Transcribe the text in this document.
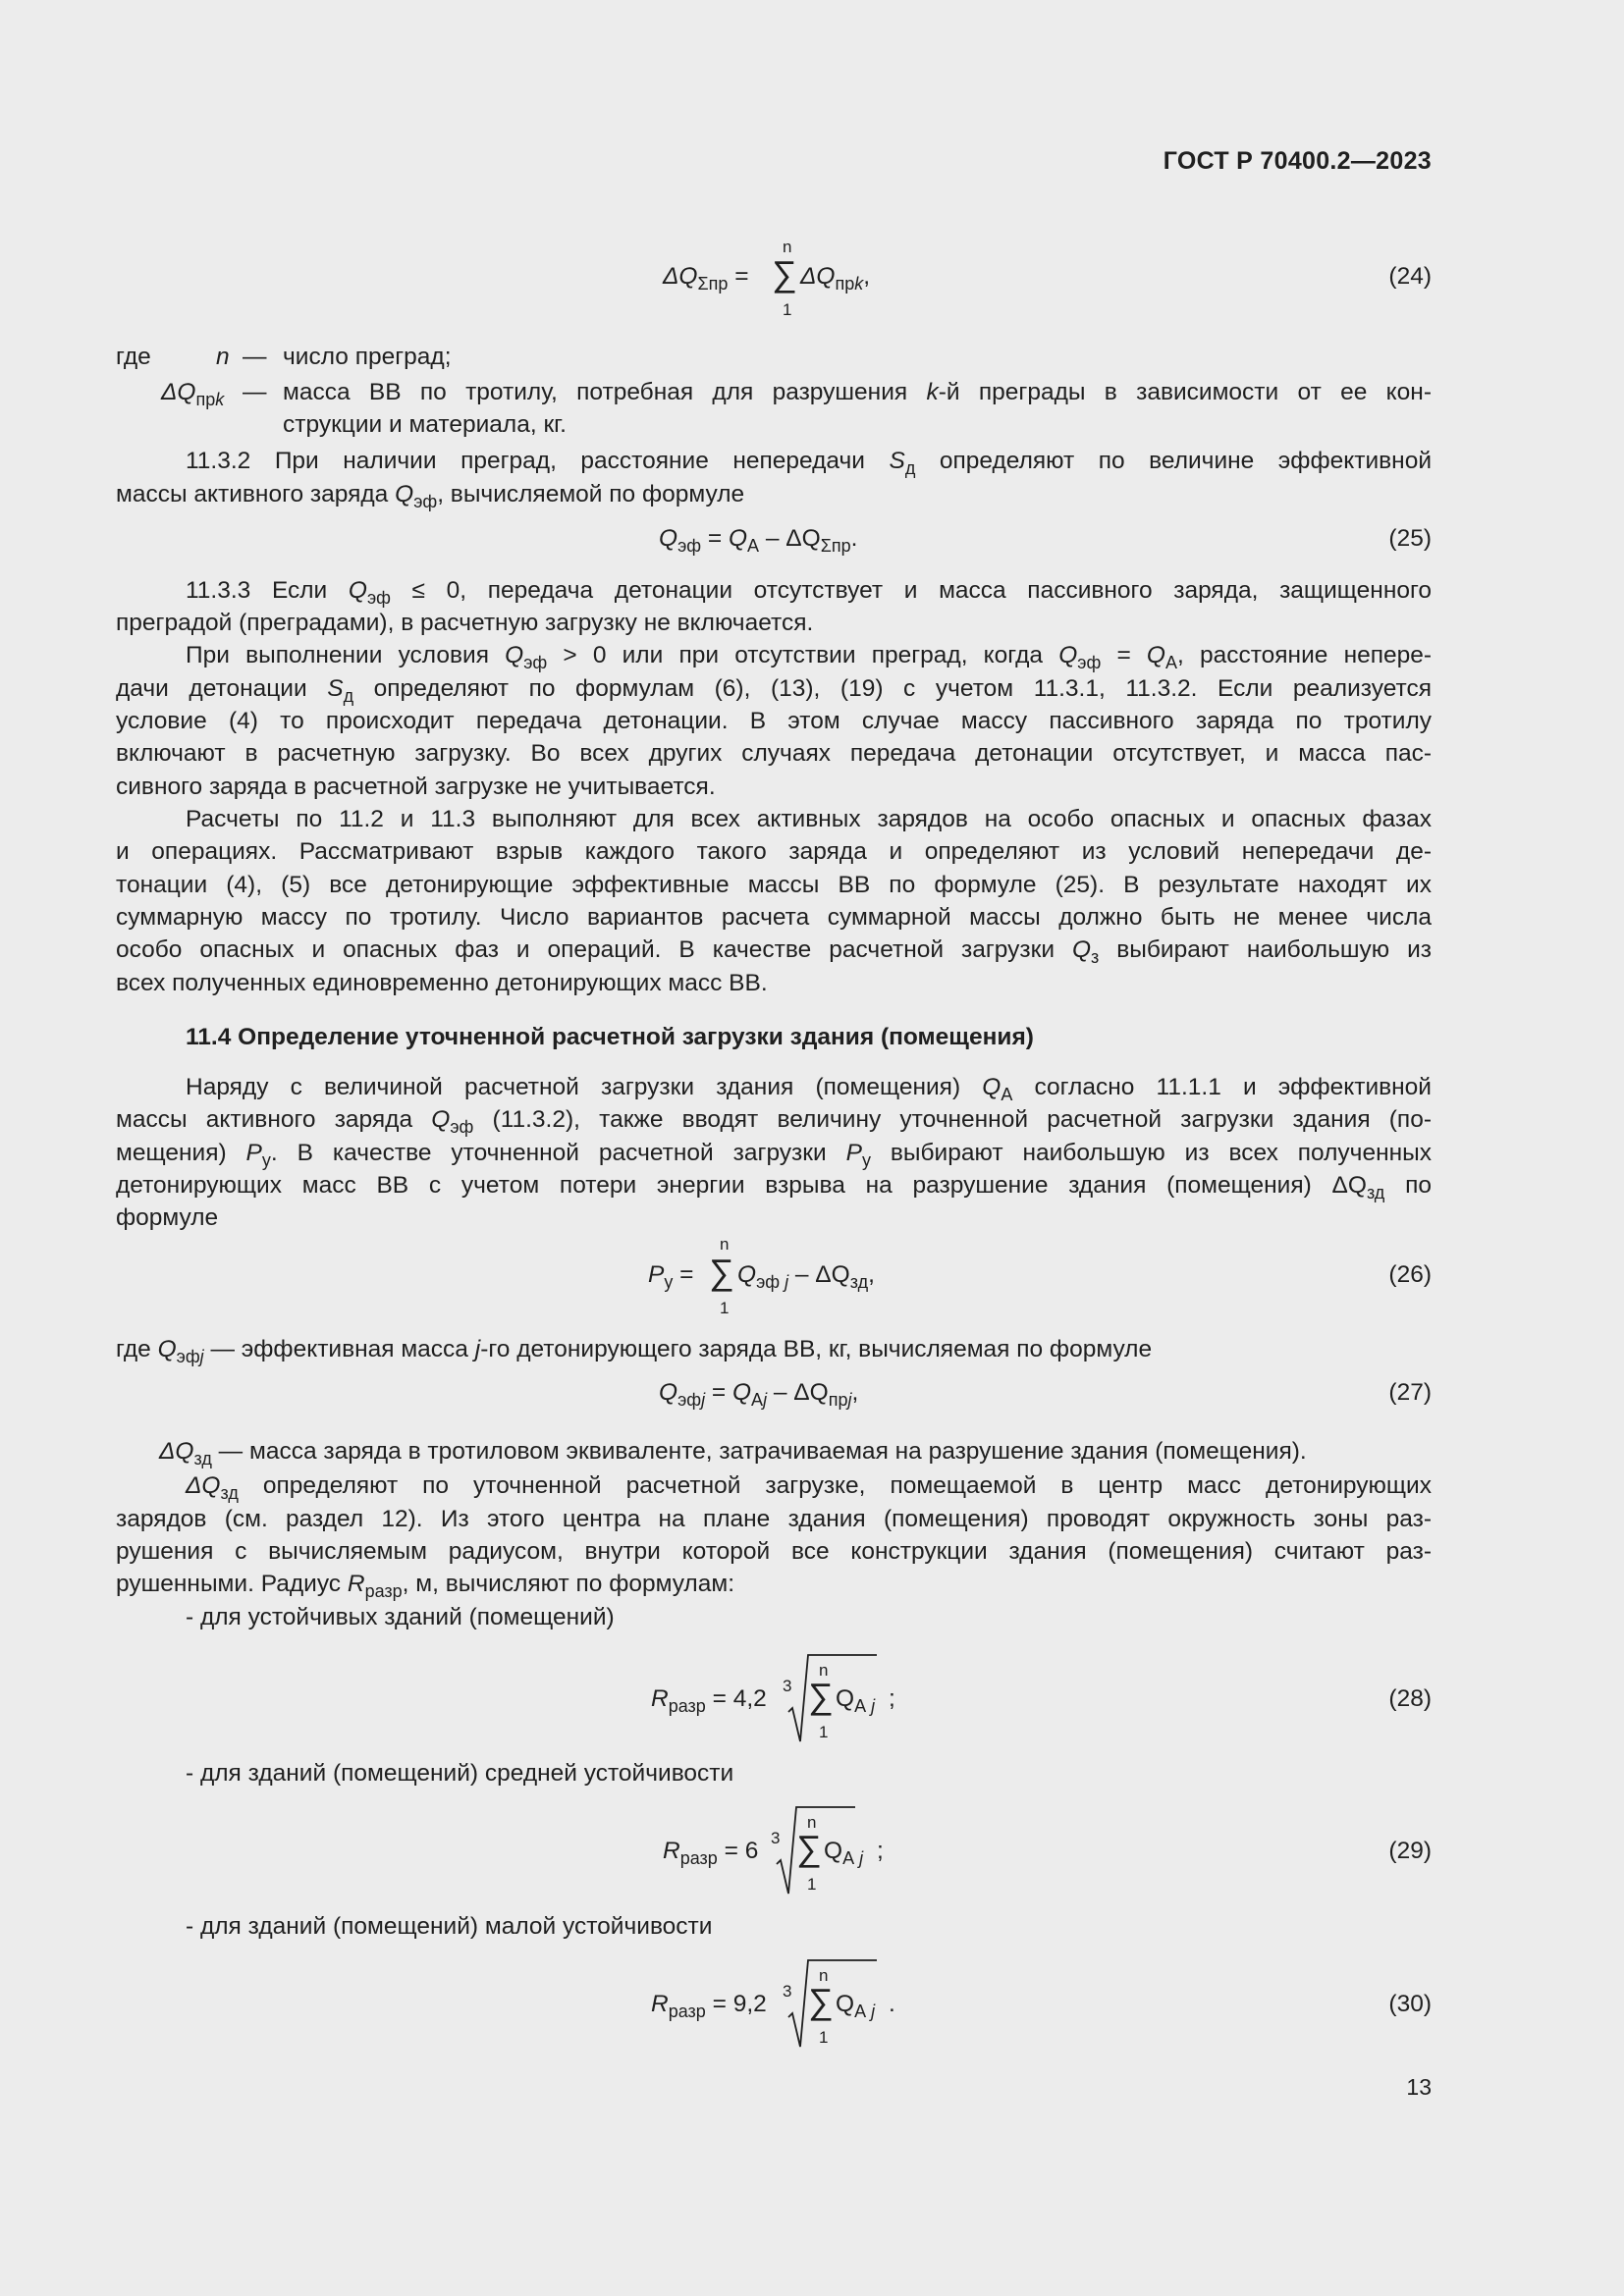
ГОСТ Р 70400.2—2023
$\Delta Q_{\Sigma пр}$ =
n
∑
1
$\Delta Q_{прk}$,	(24)
где	n — число преград;
$\Delta Q_{прk}$ — масса ВВ по тротилу, потребная для разрушения k-й преграды в зависимости от ее кон-
струкции и материала, кг.
11.3.2 При наличии преград, расстояние непередачи $S_д$ определяют по величине эффективной
массы активного заряда $Q_{эф}$, вычисляемой по формуле
$Q_{эф} = Q_А - \Delta Q_{\Sigma пр}$.	(25)
11.3.3 Если $Q_{эф} \le 0$, передача детонации отсутствует и масса пассивного заряда, защищенного
преградой (преградами), в расчетную загрузку не включается.
При выполнении условия $Q_{эф} > 0$ или при отсутствии преград, когда $Q_{эф} = Q_А$, расстояние непере-
дачи детонации $S_д$ определяют по формулам (6), (13), (19) с учетом 11.3.1, 11.3.2. Если реализуется
условие (4) то происходит передача детонации. В этом случае массу пассивного заряда по тротилу
включают в расчетную загрузку. Во всех других случаях передача детонации отсутствует, и масса пас-
сивного заряда в расчетной загрузке не учитывается.
Расчеты по 11.2 и 11.3 выполняют для всех активных зарядов на особо опасных и опасных фазах
и операциях. Рассматривают взрыв каждого такого заряда и определяют из условий непередачи де-
тонации (4), (5) все детонирующие эффективные массы ВВ по формуле (25). В результате находят их
суммарную массу по тротилу. Число вариантов расчета суммарной массы должно быть не менее числа
особо опасных и опасных фаз и операций. В качестве расчетной загрузки $Q_з$ выбирают наибольшую из
всех полученных единовременно детонирующих масс ВВ.
11.4 Определение уточненной расчетной загрузки здания (помещения)
Наряду с величиной расчетной загрузки здания (помещения) $Q_А$ согласно 11.1.1 и эффективной
массы активного заряда $Q_{эф}$ (11.3.2), также вводят величину уточненной расчетной загрузки здания (по-
мещения) $P_у$. В качестве уточненной расчетной загрузки $P_у$ выбирают наибольшую из всех полученных
детонирующих масс ВВ с учетом потери энергии взрыва на разрушение здания (помещения) $\Delta Q_{зд}$ по
формуле
$P_у$ =
n
∑
1
$Q_{эф j} - \Delta Q_{зд}$,	(26)
где $Q_{эфj}$ — эффективная масса j-го детонирующего заряда ВВ, кг, вычисляемая по формуле
$Q_{эфj} = Q_{Аj} - \Delta Q_{прj}$,	(27)
$\Delta Q_{зд}$ — масса заряда в тротиловом эквиваленте, затрачиваемая на разрушение здания (помещения).
$\Delta Q_{зд}$ определяют по уточненной расчетной загрузке, помещаемой в центр масс детонирующих
зарядов (см. раздел 12). Из этого центра на плане здания (помещения) проводят окружность зоны раз-
рушения с вычисляемым радиусом, внутри которой все конструкции здания (помещения) считают раз-
рушенными. Радиус $R_{разр}$, м, вычисляют по формулам:
- для устойчивых зданий (помещений)
$R_{разр} = 4,2$ 3
n
∑
1
$Q_{А j}$ ;	(28)
- для зданий (помещений) средней устойчивости
$R_{разр} = 6$ 3
n
∑
1
$Q_{А j}$ ;	(29)
- для зданий (помещений) малой устойчивости
$R_{разр} = 9,2$ 3
n
∑
1
$Q_{А j}$ .	(30)
13
